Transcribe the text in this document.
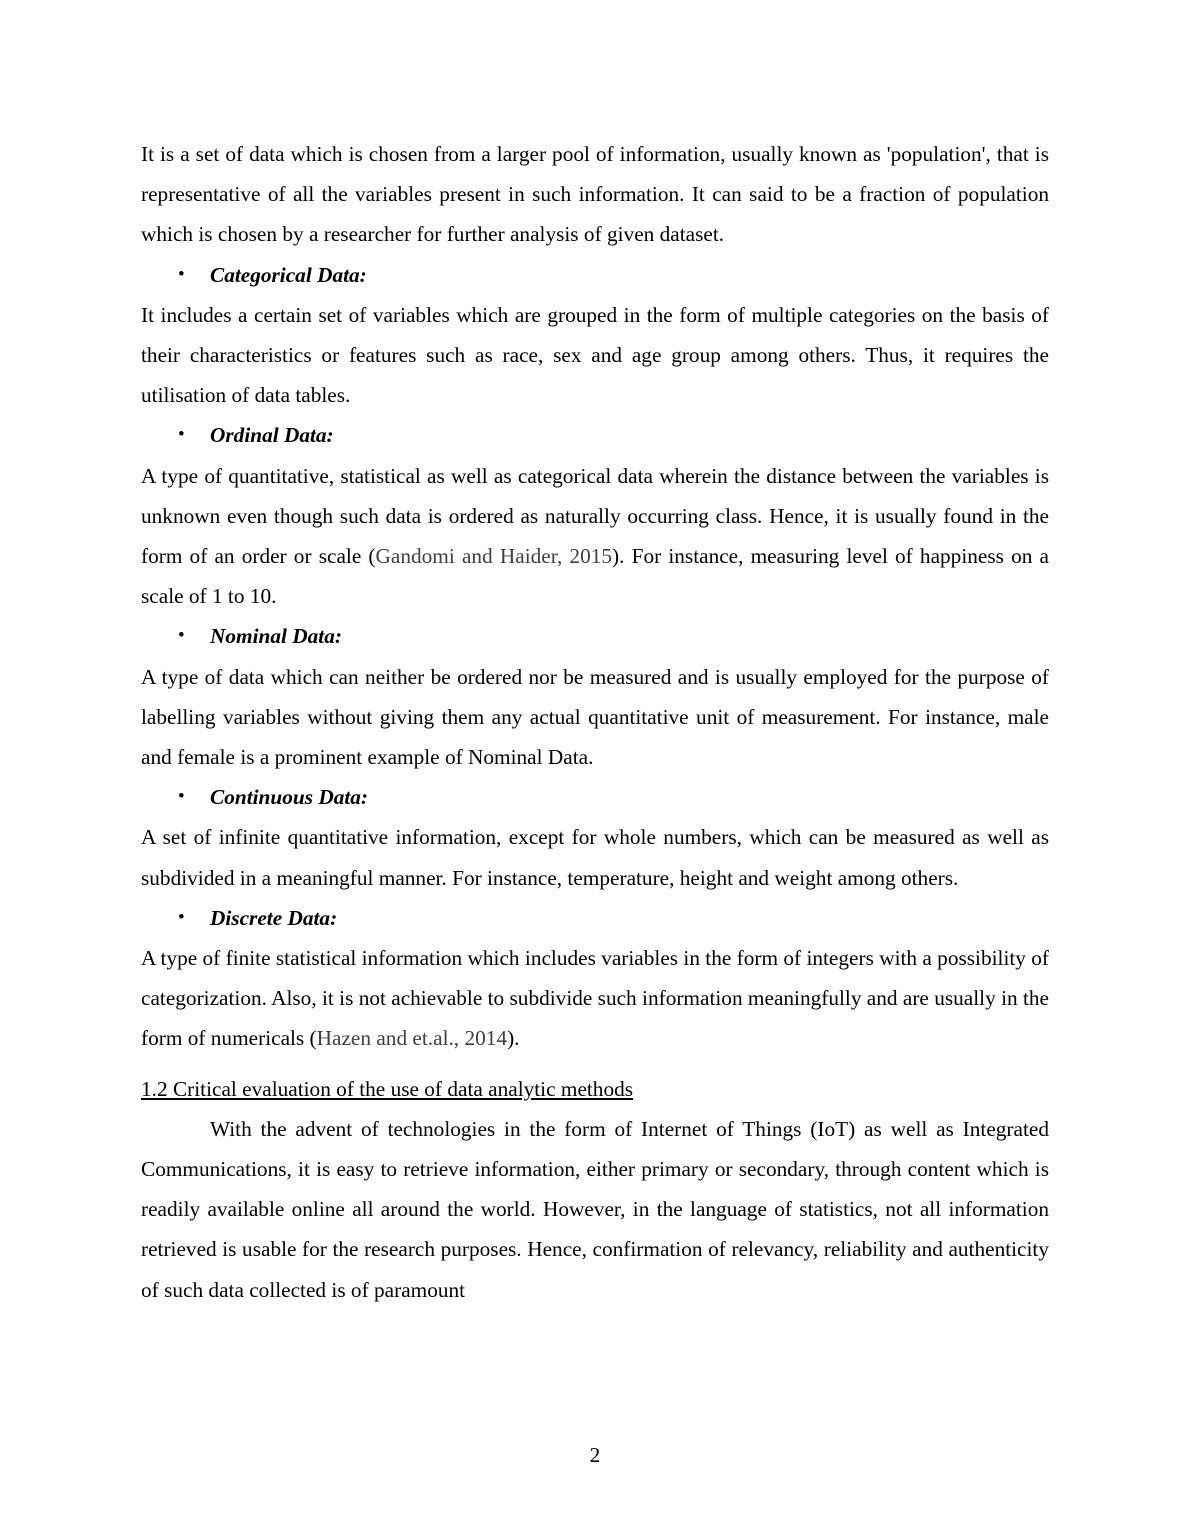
It is a set of data which is chosen from a larger pool of information, usually known as 'population', that is representative of all the variables present in such information. It can said to be a fraction of population which is chosen by a researcher for further analysis of given dataset.

• Categorical Data:

It includes a certain set of variables which are grouped in the form of multiple categories on the basis of their characteristics or features such as race, sex and age group among others. Thus, it requires the utilisation of data tables.

• Ordinal Data:

A type of quantitative, statistical as well as categorical data wherein the distance between the variables is unknown even though such data is ordered as naturally occurring class. Hence, it is usually found in the form of an order or scale (Gandomi and Haider, 2015). For instance, measuring level of happiness on a scale of 1 to 10.

• Nominal Data:

A type of data which can neither be ordered nor be measured and is usually employed for the purpose of labelling variables without giving them any actual quantitative unit of measurement. For instance, male and female is a prominent example of Nominal Data.

• Continuous Data:

A set of infinite quantitative information, except for whole numbers, which can be measured as well as subdivided in a meaningful manner. For instance, temperature, height and weight among others.

• Discrete Data:

A type of finite statistical information which includes variables in the form of integers with a possibility of categorization. Also, it is not achievable to subdivide such information meaningfully and are usually in the form of numericals (Hazen and et.al., 2014).

1.2 Critical evaluation of the use of data analytic methods

With the advent of technologies in the form of Internet of Things (IoT) as well as Integrated Communications, it is easy to retrieve information, either primary or secondary, through content which is readily available online all around the world. However, in the language of statistics, not all information retrieved is usable for the research purposes. Hence, confirmation of relevancy, reliability and authenticity of such data collected is of paramount

2
